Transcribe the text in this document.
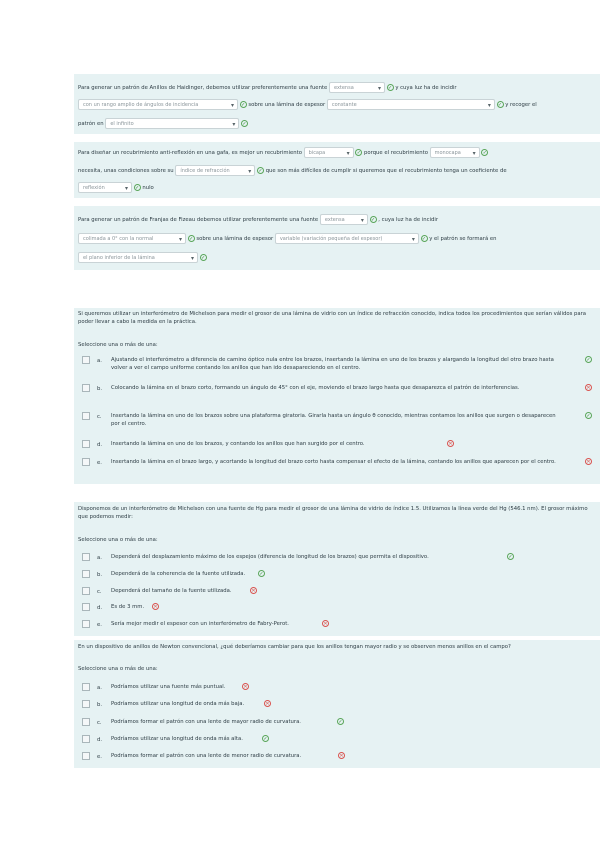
Para generar un patrón de Anillos de Haidinger, debemos utilizar preferentemente una fuente extensa ▾	✓ y cuya luz ha de incidir
con un rango amplio de ángulos de incidencia ▾	✓ sobre una lámina de espesor constante ▾	✓ y recoger el
patrón en el infinito ▾	✓
Para diseñar un recubrimiento anti-reflexión en una gafa, es mejor un recubrimiento bicapa ▾	✓ porque el recubrimiento monocapa ▾	✓
necesita, unas condiciones sobre su índice de refracción ▾	✓ que son más difíciles de cumplir si queremos que el recubrimiento tenga un coeficiente de
reflexión ▾	✓ nulo
Para generar un patrón de Franjas de Fizeau debemos utilizar preferentemente una fuente extensa ▾	✓ , cuya luz ha de incidir
colimada a 0° con la normal ▾	✓ sobre una lámina de espesor variable (variación pequeña del espesor) ▾	✓ y el patrón se formará en
el plano inferior de la lámina ▾	✓
Si queremos utilizar un interferómetro de Michelson para medir el grosor de una lámina de vidrio con un índice de refracción conocido, indica todos los procedimientos que serían válidos para poder llevar a cabo la medida en la práctica.
Seleccione una o más de una:
a. Ajustando el interferómetro a diferencia de camino óptico nula entre los brazos, insertando la lámina en uno de los brazos y alargando la longitud del otro brazo hasta volver a ver el campo uniforme contando los anillos que han ido desapareciendo en el centro.
✓
b. Colocando la lámina en el brazo corto, formando un ángulo de 45° con el eje, moviendo el brazo largo hasta que desaparezca el patrón de interferencias.	✕
c. Insertando la lámina en uno de los brazos sobre una plataforma giratoria. Girarla hasta un ángulo θ conocido, mientras contamos los anillos que surgen o desaparecen por el centro.
✓
d. Insertando la lámina en uno de los brazos, y contando los anillos que han surgido por el centro.	✕
e. Insertando la lámina en el brazo largo, y acortando la longitud del brazo corto hasta compensar el efecto de la lámina, contando los anillos que aparecen por el centro.	✕
Disponemos de un interferómetro de Michelson con una fuente de Hg para medir el grosor de una lámina de vidrio de índice 1.5. Utilizamos la línea verde del Hg (546.1 nm). El grosor máximo que podemos medir:
Seleccione una o más de una:
a. Dependerá del desplazamiento máximo de los espejos (diferencia de longitud de los brazos) que permita el dispositivo.	✓
b. Dependerá de la coherencia de la fuente utilizada.	✓
c. Dependerá del tamaño de la fuente utilizada.	✕
d. Es de 3 mm.	✕
e. Sería mejor medir el espesor con un interferómetro de Fabry-Perot.	✕
En un dispositivo de anillos de Newton convencional, ¿qué deberíamos cambiar para que los anillos tengan mayor radio y se observen menos anillos en el campo?
Seleccione una o más de una:
a. Podríamos utilizar una fuente más puntual.	✕
b. Podríamos utilizar una longitud de onda más baja.	✕
c. Podríamos formar el patrón con una lente de mayor radio de curvatura.	✓
d. Podríamos utilizar una longitud de onda más alta.	✓
e. Podríamos formar el patrón con una lente de menor radio de curvatura.	✕
